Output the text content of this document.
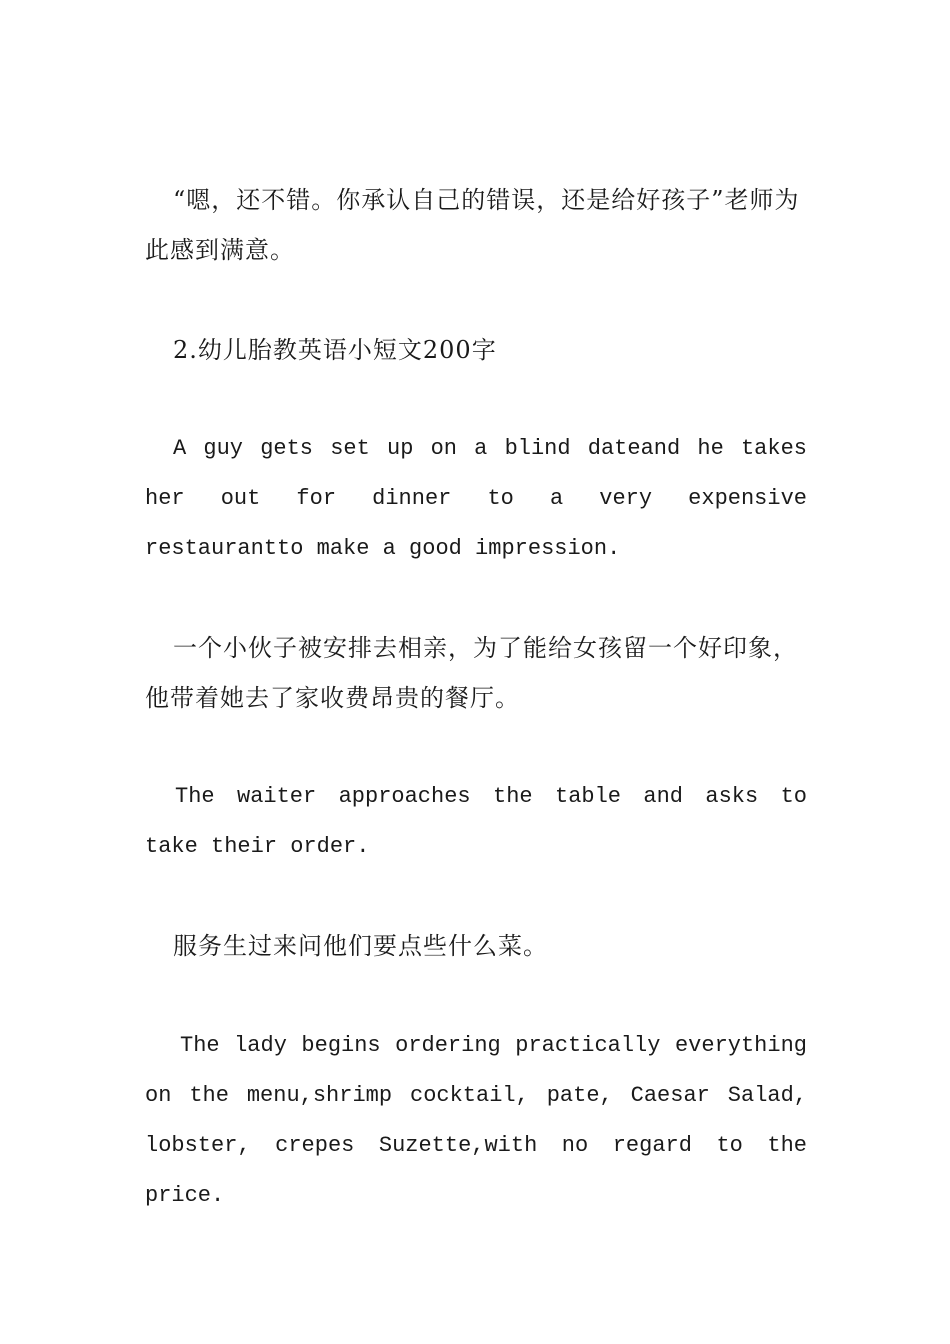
“嗯，还不错。你承认自己的错误，还是给好孩子”老师为此感到满意。

2.幼儿胎教英语小短文200字

A guy gets set up on a blind dateand he takes her out for dinner to a very expensive restaurantto make a good impression.

一个小伙子被安排去相亲，为了能给女孩留一个好印象，他带着她去了家收费昂贵的餐厅。

The waiter approaches the table and asks to take their order.

服务生过来问他们要点些什么菜。

The lady begins ordering practically everything on the menu,shrimp cocktail, pate, Caesar Salad, lobster, crepes Suzette,with no regard to the price.
